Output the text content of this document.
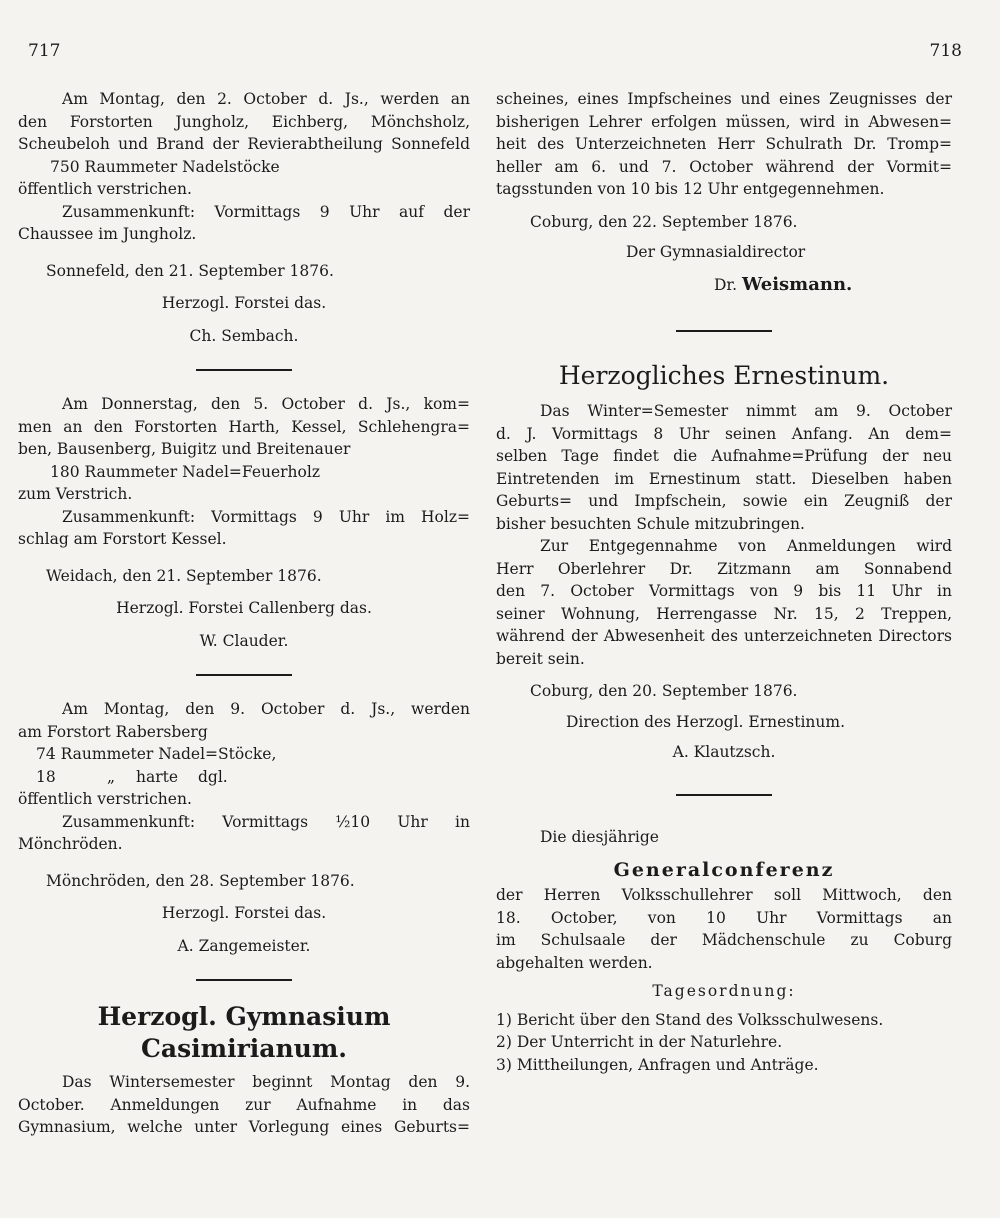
717	718

Am Montag, den 2. October d. Js., werden an

den Forstorten Jungholz, Eichberg, Mönchsholz,

Scheubeloh und Brand der Revierabtheilung Sonnefeld

750 Raummeter Nadelstöcke

öffentlich verstrichen.

Zusammenkunft: Vormittags 9 Uhr auf der

Chaussee im Jungholz.

Sonnefeld, den 21. September 1876.

Herzogl. Forstei das.

Ch. Sembach.

Am Donnerstag, den 5. October d. Js., kom=

men an den Forstorten Harth, Kessel, Schlehengra=

ben, Bausenberg, Buigitz und Breitenauer

180 Raummeter Nadel=Feuerholz

zum Verstrich.

Zusammenkunft: Vormittags 9 Uhr im Holz=

schlag am Forstort Kessel.

Weidach, den 21. September 1876.

Herzogl. Forstei Callenberg das.

W. Clauder.

Am Montag, den 9. October d. Js., werden

am Forstort Rabersberg

74 Raummeter Nadel=Stöcke,

18	„ harte dgl.

öffentlich verstrichen.

Zusammenkunft: Vormittags ½10 Uhr in

Mönchröden.

Mönchröden, den 28. September 1876.

Herzogl. Forstei das.

A. Zangemeister.

Herzogl. Gymnasium Casimirianum.

Das Wintersemester beginnt Montag den 9.

October. Anmeldungen zur Aufnahme in das

Gymnasium, welche unter Vorlegung eines Geburts=

scheines, eines Impfscheines und eines Zeugnisses der

bisherigen Lehrer erfolgen müssen, wird in Abwesen=

heit des Unterzeichneten Herr Schulrath Dr. Tromp=

heller am 6. und 7. October während der Vormit=

tagsstunden von 10 bis 12 Uhr entgegennehmen.

Coburg, den 22. September 1876.

Der Gymnasialdirector

Dr. Weismann.

Herzogliches Ernestinum.

Das Winter=Semester nimmt am 9. October

d. J. Vormittags 8 Uhr seinen Anfang. An dem=

selben Tage findet die Aufnahme=Prüfung der neu

Eintretenden im Ernestinum statt. Dieselben haben

Geburts= und Impfschein, sowie ein Zeugniß der

bisher besuchten Schule mitzubringen.

Zur Entgegennahme von Anmeldungen wird

Herr Oberlehrer Dr. Zitzmann am Sonnabend

den 7. October Vormittags von 9 bis 11 Uhr in

seiner Wohnung, Herrengasse Nr. 15, 2 Treppen,

während der Abwesenheit des unterzeichneten Directors

bereit sein.

Coburg, den 20. September 1876.

Direction des Herzogl. Ernestinum.

A. Klautzsch.

Die diesjährige

Generalconferenz

der Herren Volksschullehrer soll Mittwoch, den

18. October, von 10 Uhr Vormittags an

im Schulsaale der Mädchenschule zu Coburg

abgehalten werden.

Tagesordnung:

1) Bericht über den Stand des Volksschulwesens.
2) Der Unterricht in der Naturlehre.
3) Mittheilungen, Anfragen und Anträge.
